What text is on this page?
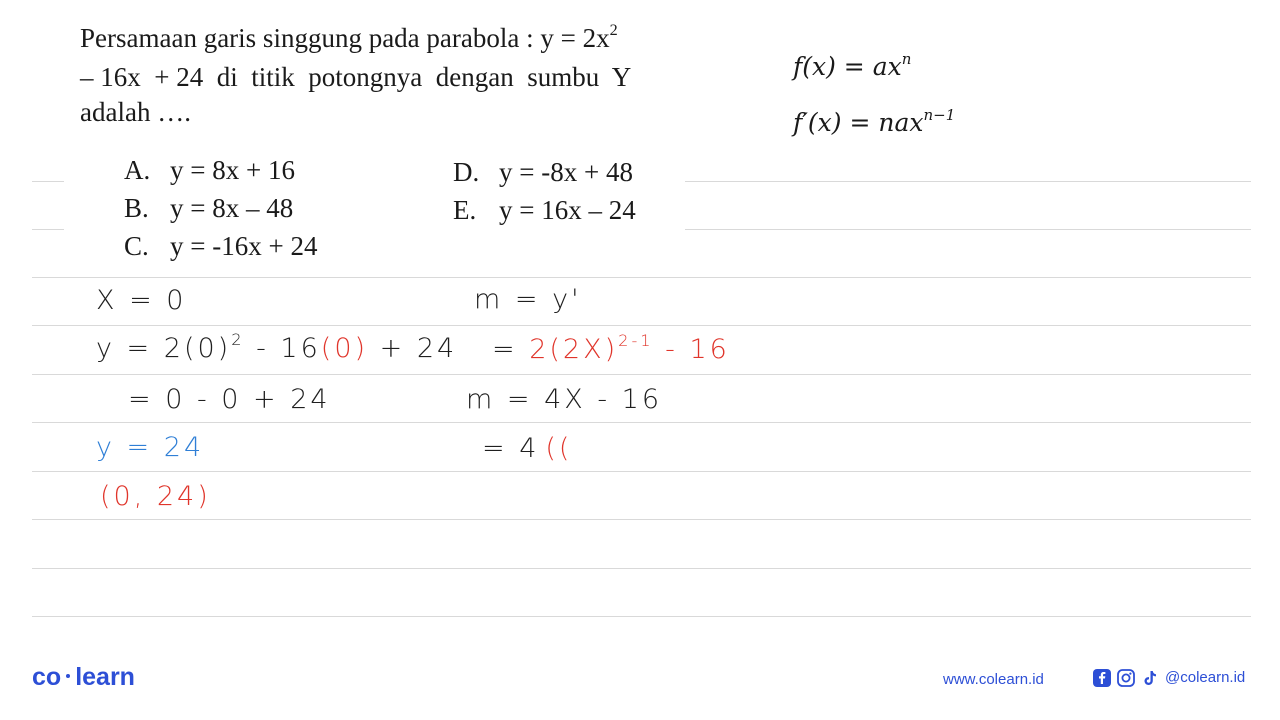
Persamaan garis singgung pada parabola : $y = 2x^2$
– 16x  + 24  di  titik  potongnya  dengan  sumbu  Y
adalah ….
A. y = 8x + 16
B. y = 8x – 48
C. y = -16x + 24
D. y = -8x + 48
E. y = 16x – 24
$f(x) = ax^n$
f′(x) = nax$^{n-1}$
X = 0
$y = 2(0)^2 - 16(0) + 24$
= 0 - 0 + 24
y = 24
(0, 24)
m = y'
= $2(2X)^{2-1} - 16$
m = 4X - 16
= 4 ((
co learn	www.colearn.id	@colearn.id
